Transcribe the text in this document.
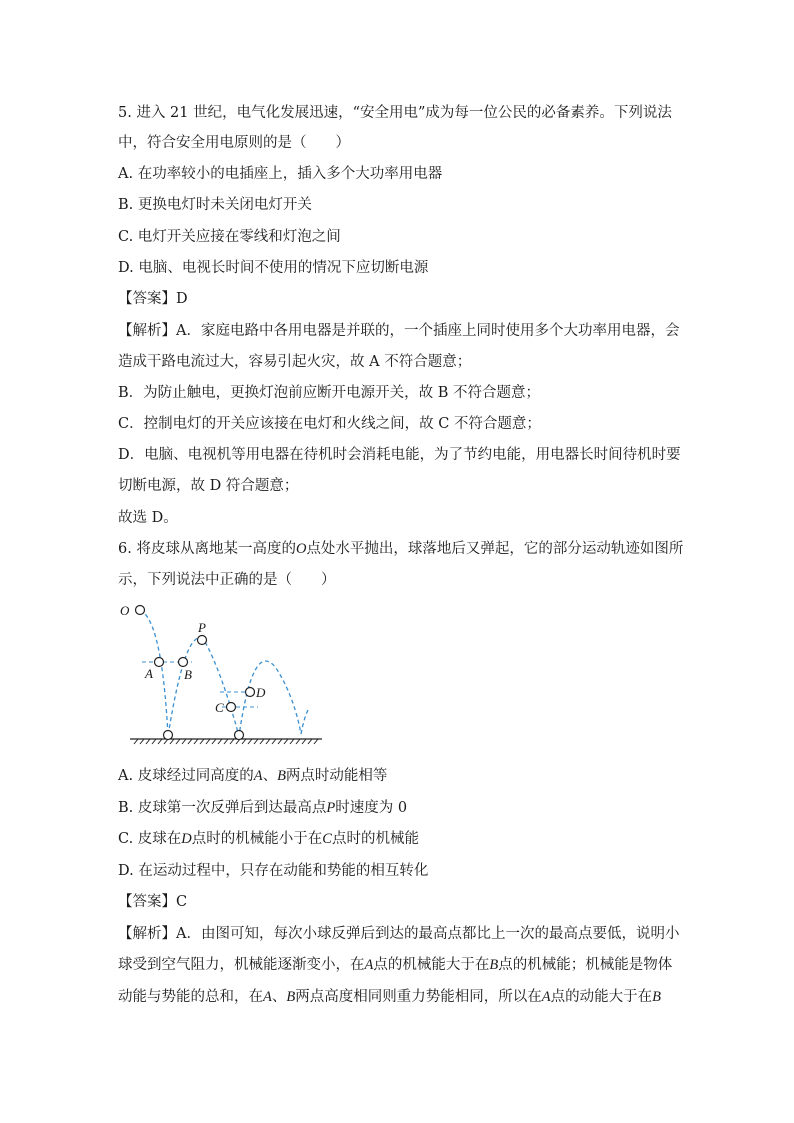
5. 进入 21 世纪，电气化发展迅速，“安全用电”成为每一位公民的必备素养。下列说法
中，符合安全用电原则的是（　　）
A. 在功率较小的电插座上，插入多个大功率用电器
B. 更换电灯时未关闭电灯开关
C. 电灯开关应接在零线和灯泡之间
D. 电脑、电视长时间不使用的情况下应切断电源
【答案】D
【解析】A．家庭电路中各用电器是并联的，一个插座上同时使用多个大功率用电器，会
造成干路电流过大，容易引起火灾，故 A 不符合题意；
B．为防止触电，更换灯泡前应断开电源开关，故 B 不符合题意；
C．控制电灯的开关应该接在电灯和火线之间，故 C 不符合题意；
D．电脑、电视机等用电器在待机时会消耗电能，为了节约电能，用电器长时间待机时要
切断电源，故 D 符合题意；
故选 D。
6. 将皮球从离地某一高度的O点处水平抛出，球落地后又弹起，它的部分运动轨迹如图所
示，下列说法中正确的是（　　）
O
P
A B
D
C
A. 皮球经过同高度的A、B两点时动能相等
B. 皮球第一次反弹后到达最高点P时速度为 0
C. 皮球在D点时的机械能小于在C点时的机械能
D. 在运动过程中，只存在动能和势能的相互转化
【答案】C
【解析】A．由图可知，每次小球反弹后到达的最高点都比上一次的最高点要低，说明小
球受到空气阻力，机械能逐渐变小，在A点的机械能大于在B点的机械能；机械能是物体
动能与势能的总和，在A、B两点高度相同则重力势能相同，所以在A点的动能大于在B
